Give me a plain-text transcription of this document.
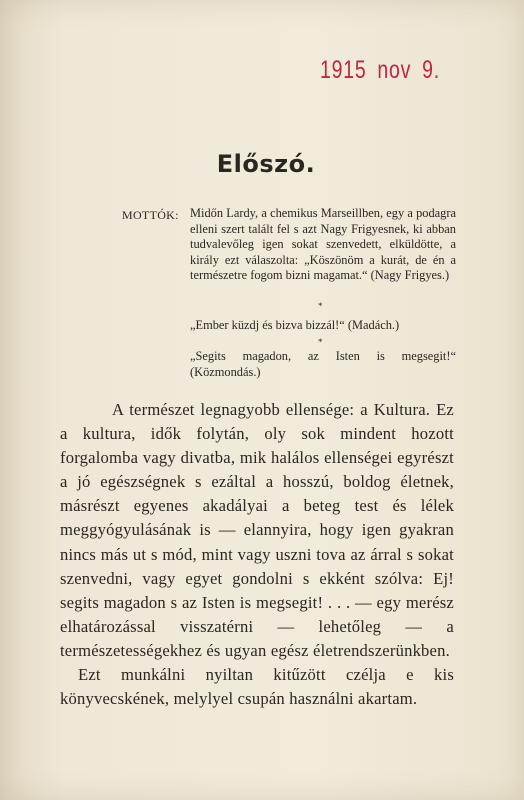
1915 nov 9.
Előszó.
MOTTÓK: Midőn Lardy, a chemikus Marseillben, egy a podagra elleni szert talált fel s azt Nagy Frigyesnek, ki abban tudvalevőleg igen sokat szenvedett, elküldötte, a király ezt válaszolta: „Köszönöm a kurát, de én a természetre fogom bizni magamat.“ (Nagy Frigyes.)
*
„Ember küzdj és bizva bizzál!“ (Madách.)
*
„Segits magadon, az Isten is megsegit!“ (Közmondás.)

A természet legnagyobb ellensége: a Kultura. Ez a kultura, idők folytán, oly sok mindent hozott forgalomba vagy divatba, mik halálos ellenségei egyrészt a jó egészségnek s ezáltal a hosszú, boldog életnek, másrészt egyenes akadályai a beteg test és lélek meggyógyulásának is — elannyira, hogy igen gyakran nincs más ut s mód, mint vagy uszni tova az árral s sokat szenvedni, vagy egyet gondolni s ekként szólva: Ej! segits magadon s az Isten is megsegit! . . . — egy merész elhatározással visszatérni — lehetőleg — a természetességekhez és ugyan egész életrendszerünkben.

Ezt munkálni nyiltan kitűzött czélja e kis könyvecskének, melylyel csupán használni akartam.
